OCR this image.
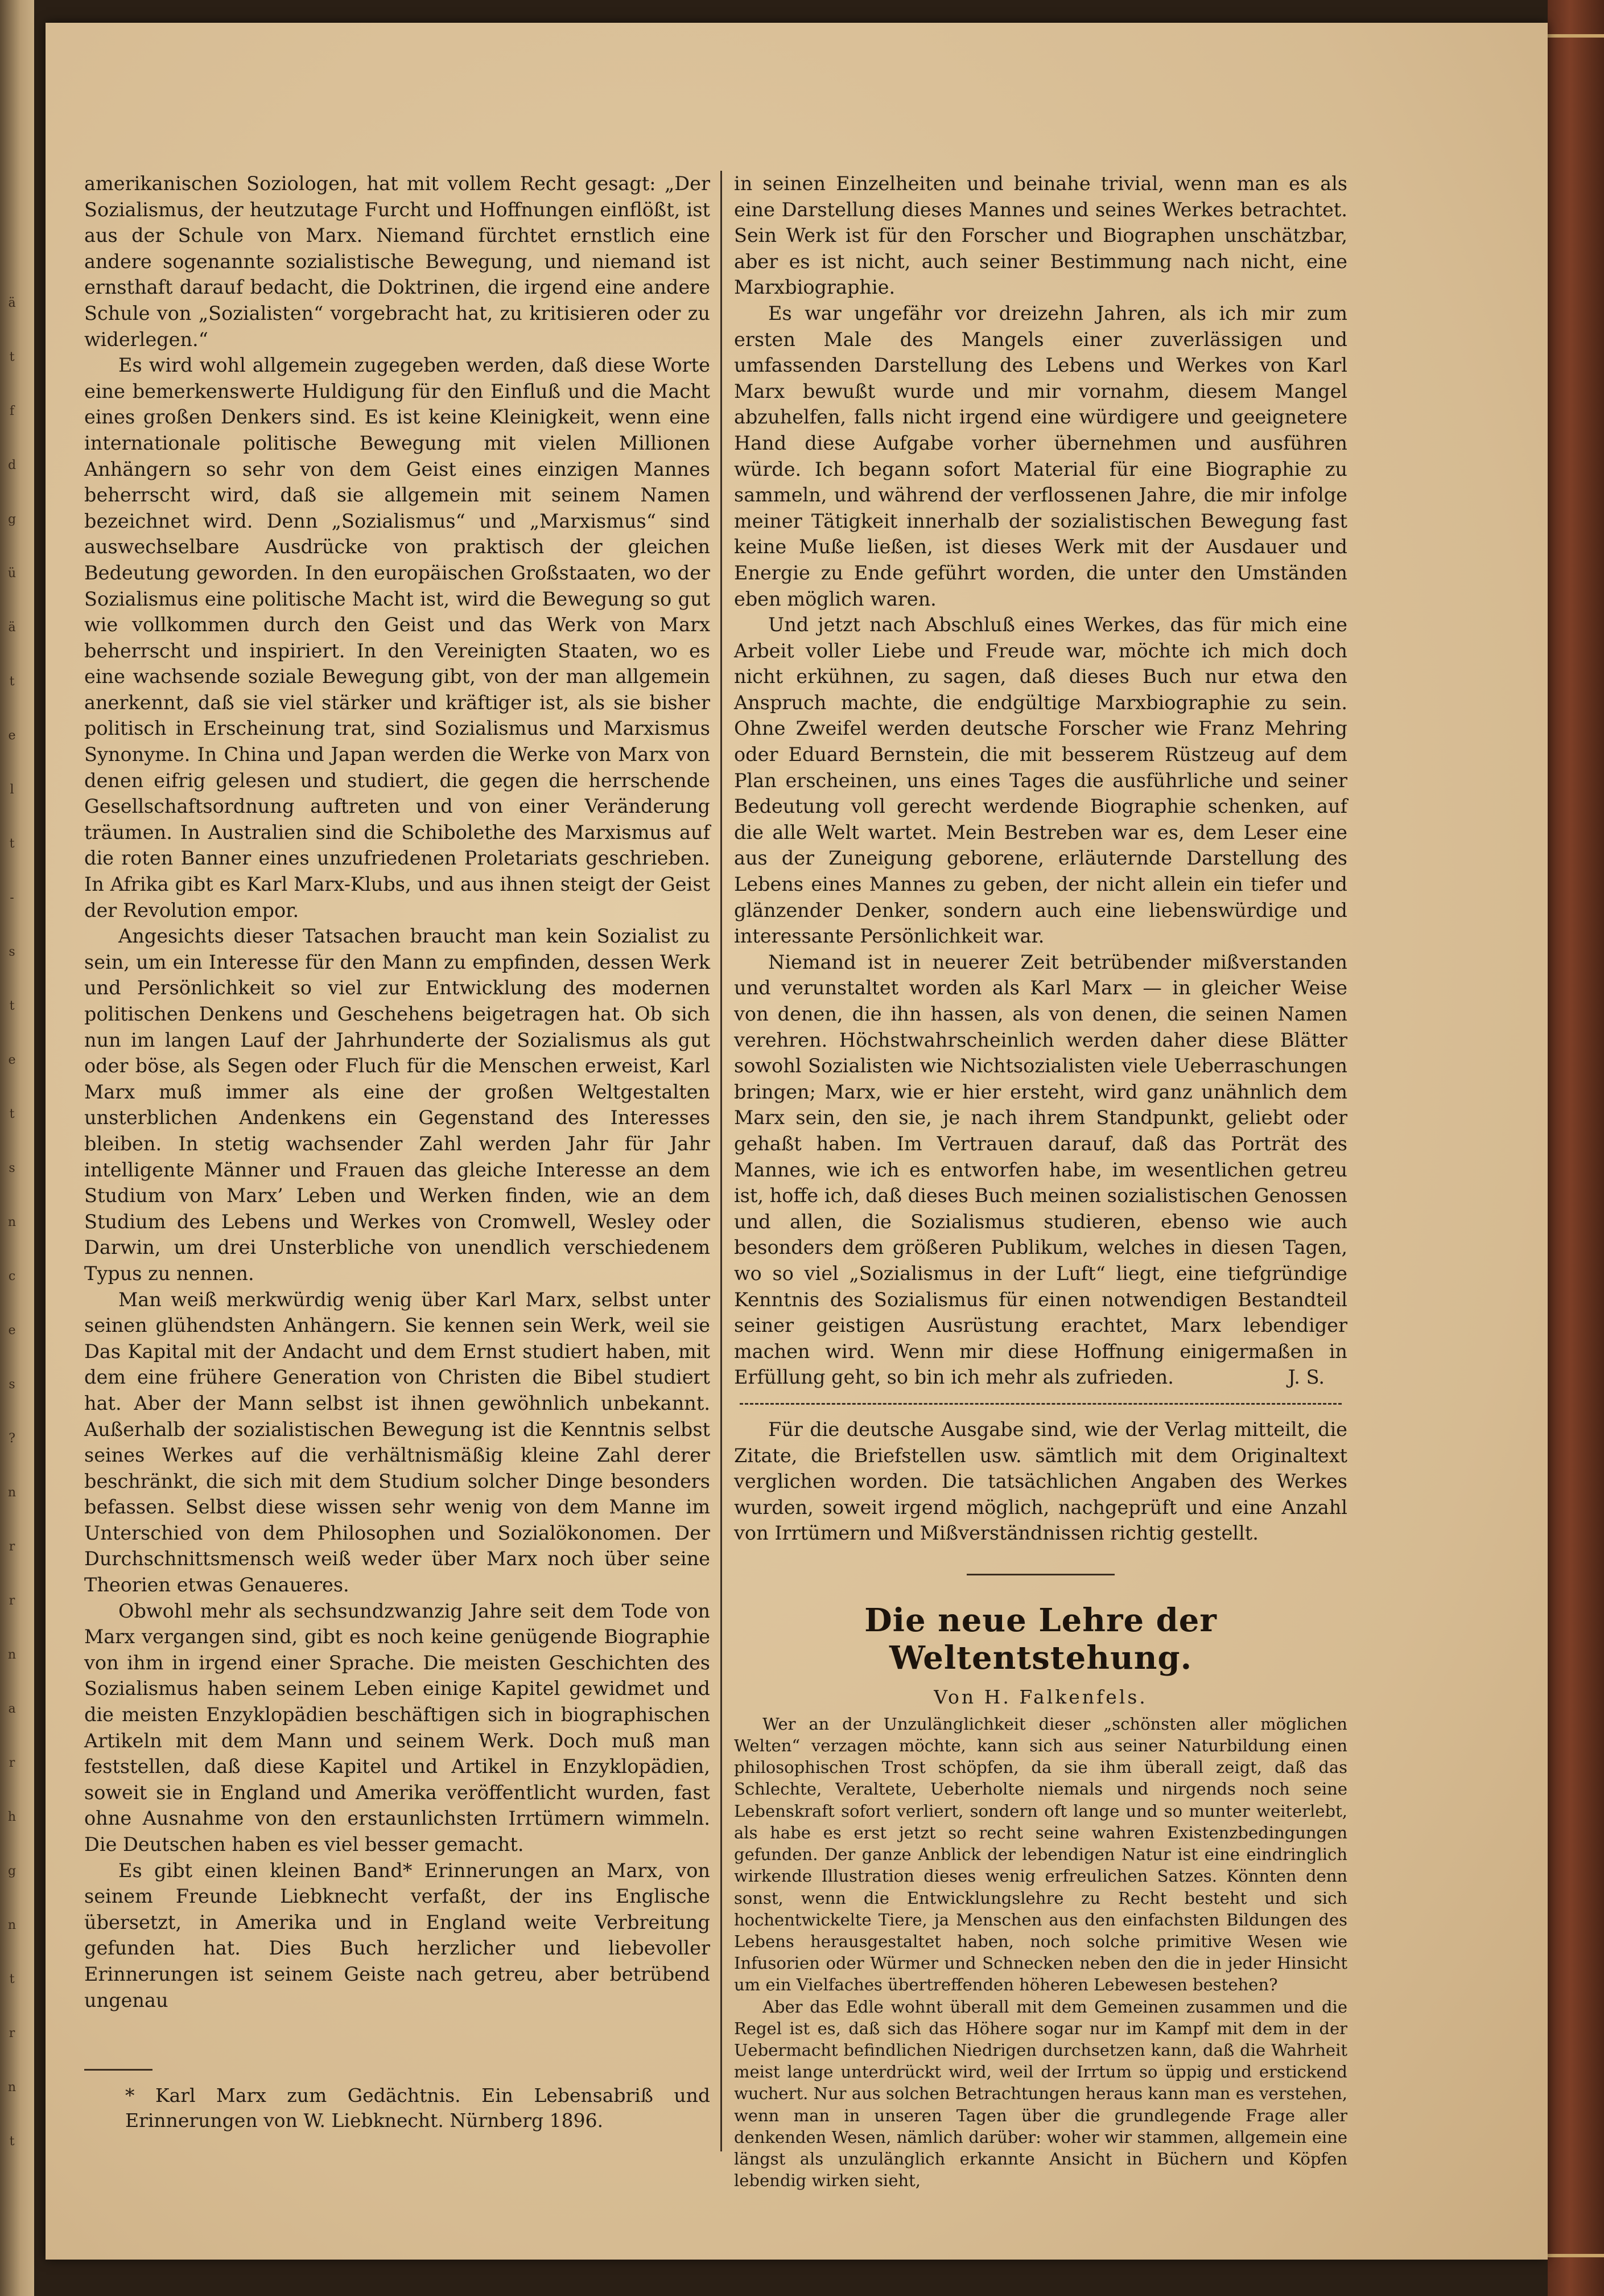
ä
t
f
d
g
ü
ä
t
e
l
t
-
s
t
e
t
s
n
c
e
s
?
n
r
r
n
a
r
h
g
n
t
r
n
t

amerikanischen Soziologen, hat mit vollem Recht gesagt: „Der Sozialismus, der heutzutage Furcht und Hoffnungen einflößt, ist aus der Schule von Marx. Niemand fürchtet ernstlich eine andere sogenannte sozialistische Bewegung, und niemand ist ernsthaft darauf bedacht, die Doktrinen, die irgend eine andere Schule von „Sozialisten“ vorgebracht hat, zu kritisieren oder zu widerlegen.“

Es wird wohl allgemein zugegeben werden, daß diese Worte eine bemerkenswerte Huldigung für den Einfluß und die Macht eines großen Denkers sind. Es ist keine Kleinigkeit, wenn eine internationale politische Bewegung mit vielen Millionen Anhängern so sehr von dem Geist eines einzigen Mannes beherrscht wird, daß sie allgemein mit seinem Namen bezeichnet wird. Denn „Sozialismus“ und „Marxismus“ sind auswechselbare Ausdrücke von praktisch der gleichen Bedeutung geworden. In den europäischen Großstaaten, wo der Sozialismus eine politische Macht ist, wird die Bewegung so gut wie vollkommen durch den Geist und das Werk von Marx beherrscht und inspiriert. In den Vereinigten Staaten, wo es eine wachsende soziale Bewegung gibt, von der man allgemein anerkennt, daß sie viel stärker und kräftiger ist, als sie bisher politisch in Erscheinung trat, sind Sozialismus und Marxismus Synonyme. In China und Japan werden die Werke von Marx von denen eifrig gelesen und studiert, die gegen die herrschende Gesellschaftsordnung auftreten und von einer Veränderung träumen. In Australien sind die Schibolethe des Marxismus auf die roten Banner eines unzufriedenen Proletariats geschrieben. In Afrika gibt es Karl Marx-Klubs, und aus ihnen steigt der Geist der Revolution empor.

Angesichts dieser Tatsachen braucht man kein Sozialist zu sein, um ein Interesse für den Mann zu empfinden, dessen Werk und Persönlichkeit so viel zur Entwicklung des modernen politischen Denkens und Geschehens beigetragen hat. Ob sich nun im langen Lauf der Jahrhunderte der Sozialismus als gut oder böse, als Segen oder Fluch für die Menschen erweist, Karl Marx muß immer als eine der großen Weltgestalten unsterblichen Andenkens ein Gegenstand des Interesses bleiben. In stetig wachsender Zahl werden Jahr für Jahr intelligente Männer und Frauen das gleiche Interesse an dem Studium von Marx’ Leben und Werken finden, wie an dem Studium des Lebens und Werkes von Cromwell, Wesley oder Darwin, um drei Unsterbliche von unendlich verschiedenem Typus zu nennen.

Man weiß merkwürdig wenig über Karl Marx, selbst unter seinen glühendsten Anhängern. Sie kennen sein Werk, weil sie Das Kapital mit der Andacht und dem Ernst studiert haben, mit dem eine frühere Generation von Christen die Bibel studiert hat. Aber der Mann selbst ist ihnen gewöhnlich unbekannt. Außerhalb der sozialistischen Bewegung ist die Kenntnis selbst seines Werkes auf die verhältnismäßig kleine Zahl derer beschränkt, die sich mit dem Studium solcher Dinge besonders befassen. Selbst diese wissen sehr wenig von dem Manne im Unterschied von dem Philosophen und Sozialökonomen. Der Durchschnittsmensch weiß weder über Marx noch über seine Theorien etwas Genaueres.

Obwohl mehr als sechsundzwanzig Jahre seit dem Tode von Marx vergangen sind, gibt es noch keine genügende Biographie von ihm in irgend einer Sprache. Die meisten Geschichten des Sozialismus haben seinem Leben einige Kapitel gewidmet und die meisten Enzyklopädien beschäftigen sich in biographischen Artikeln mit dem Mann und seinem Werk. Doch muß man feststellen, daß diese Kapitel und Artikel in Enzyklopädien, soweit sie in England und Amerika veröffentlicht wurden, fast ohne Ausnahme von den erstaunlichsten Irrtümern wimmeln. Die Deutschen haben es viel besser gemacht.

Es gibt einen kleinen Band* Erinnerungen an Marx, von seinem Freunde Liebknecht verfaßt, der ins Englische übersetzt, in Amerika und in England weite Verbreitung gefunden hat. Dies Buch herzlicher und liebevoller Erinnerungen ist seinem Geiste nach getreu, aber betrübend ungenau

* Karl Marx zum Gedächtnis. Ein Lebensabriß und Erinnerungen von W. Liebknecht. Nürnberg 1896.

in seinen Einzelheiten und beinahe trivial, wenn man es als eine Darstellung dieses Mannes und seines Werkes betrachtet. Sein Werk ist für den Forscher und Biographen unschätzbar, aber es ist nicht, auch seiner Bestimmung nach nicht, eine Marxbiographie.

Es war ungefähr vor dreizehn Jahren, als ich mir zum ersten Male des Mangels einer zuverlässigen und umfassenden Darstellung des Lebens und Werkes von Karl Marx bewußt wurde und mir vornahm, diesem Mangel abzuhelfen, falls nicht irgend eine würdigere und geeignetere Hand diese Aufgabe vorher übernehmen und ausführen würde. Ich begann sofort Material für eine Biographie zu sammeln, und während der verflossenen Jahre, die mir infolge meiner Tätigkeit innerhalb der sozialistischen Bewegung fast keine Muße ließen, ist dieses Werk mit der Ausdauer und Energie zu Ende geführt worden, die unter den Umständen eben möglich waren.

Und jetzt nach Abschluß eines Werkes, das für mich eine Arbeit voller Liebe und Freude war, möchte ich mich doch nicht erkühnen, zu sagen, daß dieses Buch nur etwa den Anspruch machte, die endgültige Marxbiographie zu sein. Ohne Zweifel werden deutsche Forscher wie Franz Mehring oder Eduard Bernstein, die mit besserem Rüstzeug auf dem Plan erscheinen, uns eines Tages die ausführliche und seiner Bedeutung voll gerecht werdende Biographie schenken, auf die alle Welt wartet. Mein Bestreben war es, dem Leser eine aus der Zuneigung geborene, erläuternde Darstellung des Lebens eines Mannes zu geben, der nicht allein ein tiefer und glänzender Denker, sondern auch eine liebenswürdige und interessante Persönlichkeit war.

Niemand ist in neuerer Zeit betrübender mißverstanden und verunstaltet worden als Karl Marx — in gleicher Weise von denen, die ihn hassen, als von denen, die seinen Namen verehren. Höchstwahrscheinlich werden daher diese Blätter sowohl Sozialisten wie Nichtsozialisten viele Ueberraschungen bringen; Marx, wie er hier ersteht, wird ganz unähnlich dem Marx sein, den sie, je nach ihrem Standpunkt, geliebt oder gehaßt haben. Im Vertrauen darauf, daß das Porträt des Mannes, wie ich es entworfen habe, im wesentlichen getreu ist, hoffe ich, daß dieses Buch meinen sozialistischen Genossen und allen, die Sozialismus studieren, ebenso wie auch besonders dem größeren Publikum, welches in diesen Tagen, wo so viel „Sozialismus in der Luft“ liegt, eine tiefgründige Kenntnis des Sozialismus für einen notwendigen Bestandteil seiner geistigen Ausrüstung erachtet, Marx lebendiger machen wird. Wenn mir diese Hoffnung einigermaßen in Erfüllung geht, so bin ich mehr als zufrieden.	J. S.

Für die deutsche Ausgabe sind, wie der Verlag mitteilt, die Zitate, die Briefstellen usw. sämtlich mit dem Originaltext verglichen worden. Die tatsächlichen Angaben des Werkes wurden, soweit irgend möglich, nachgeprüft und eine Anzahl von Irrtümern und Mißverständnissen richtig gestellt.

Die neue Lehre der Weltentstehung.
Von H. Falkenfels.

Wer an der Unzulänglichkeit dieser „schönsten aller möglichen Welten“ verzagen möchte, kann sich aus seiner Naturbildung einen philosophischen Trost schöpfen, da sie ihm überall zeigt, daß das Schlechte, Veraltete, Ueberholte niemals und nirgends noch seine Lebenskraft sofort verliert, sondern oft lange und so munter weiterlebt, als habe es erst jetzt so recht seine wahren Existenzbedingungen gefunden. Der ganze Anblick der lebendigen Natur ist eine eindringlich wirkende Illustration dieses wenig erfreulichen Satzes. Könnten denn sonst, wenn die Entwicklungslehre zu Recht besteht und sich hochentwickelte Tiere, ja Menschen aus den einfachsten Bildungen des Lebens herausgestaltet haben, noch solche primitive Wesen wie Infusorien oder Würmer und Schnecken neben den die in jeder Hinsicht um ein Vielfaches übertreffenden höheren Lebewesen bestehen?

Aber das Edle wohnt überall mit dem Gemeinen zusammen und die Regel ist es, daß sich das Höhere sogar nur im Kampf mit dem in der Uebermacht befindlichen Niedrigen durchsetzen kann, daß die Wahrheit meist lange unterdrückt wird, weil der Irrtum so üppig und erstickend wuchert. Nur aus solchen Betrachtungen heraus kann man es verstehen, wenn man in unseren Tagen über die grundlegende Frage aller denkenden Wesen, nämlich darüber: woher wir stammen, allgemein eine längst als unzulänglich erkannte Ansicht in Büchern und Köpfen lebendig wirken sieht,
